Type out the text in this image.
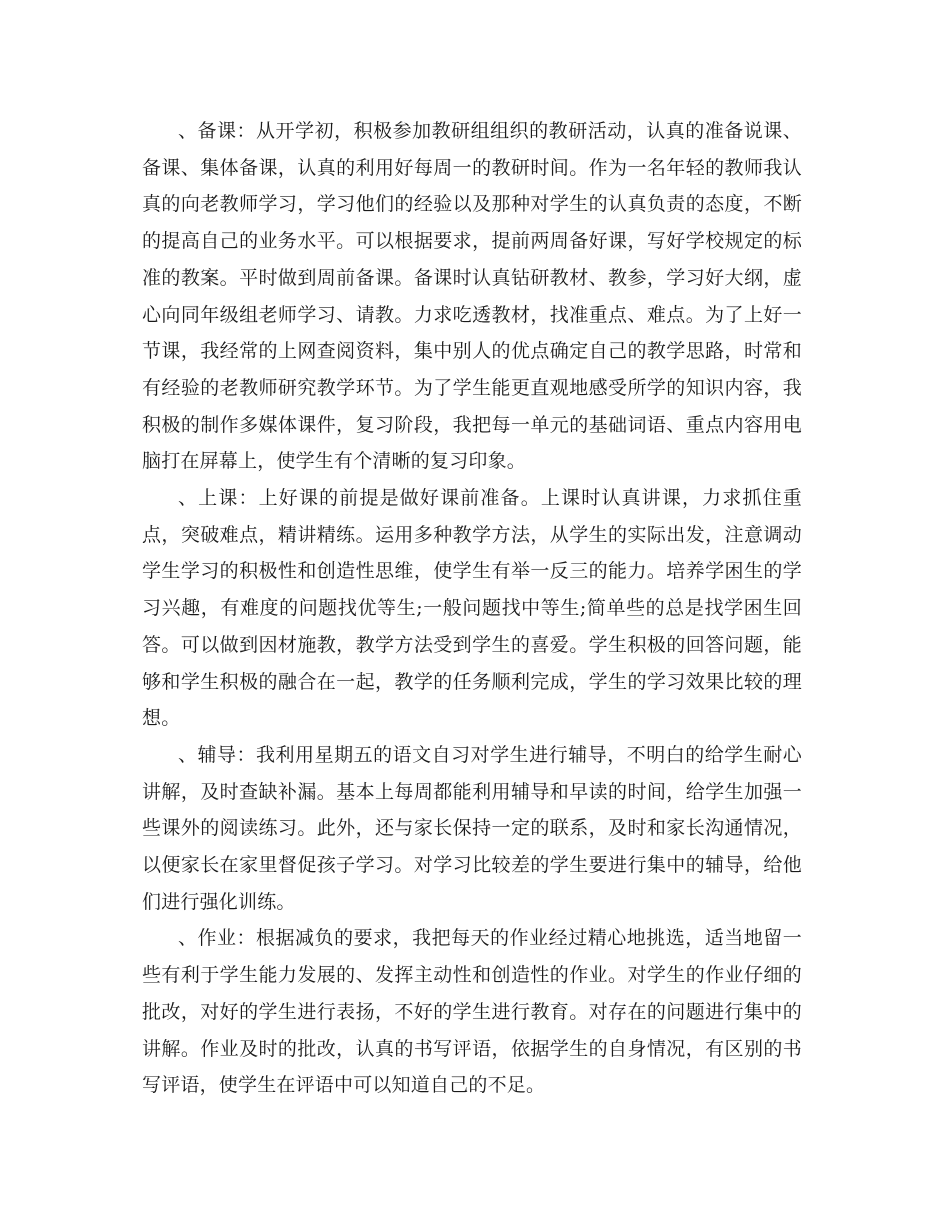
、备课：从开学初，积极参加教研组组织的教研活动，认真的准备说课、备课、集体备课，认真的利用好每周一的教研时间。作为一名年轻的教师我认真的向老教师学习，学习他们的经验以及那种对学生的认真负责的态度，不断的提高自己的业务水平。可以根据要求，提前两周备好课，写好学校规定的标准的教案。平时做到周前备课。备课时认真钻研教材、教参，学习好大纲，虚心向同年级组老师学习、请教。力求吃透教材，找准重点、难点。为了上好一节课，我经常的上网查阅资料，集中别人的优点确定自己的教学思路，时常和有经验的老教师研究教学环节。为了学生能更直观地感受所学的知识内容，我积极的制作多媒体课件，复习阶段，我把每一单元的基础词语、重点内容用电脑打在屏幕上，使学生有个清晰的复习印象。

、上课：上好课的前提是做好课前准备。上课时认真讲课，力求抓住重点，突破难点，精讲精练。运用多种教学方法，从学生的实际出发，注意调动学生学习的积极性和创造性思维，使学生有举一反三的能力。培养学困生的学习兴趣，有难度的问题找优等生;一般问题找中等生;简单些的总是找学困生回答。可以做到因材施教，教学方法受到学生的喜爱。学生积极的回答问题，能够和学生积极的融合在一起，教学的任务顺利完成，学生的学习效果比较的理想。

、辅导：我利用星期五的语文自习对学生进行辅导，不明白的给学生耐心讲解，及时查缺补漏。基本上每周都能利用辅导和早读的时间，给学生加强一些课外的阅读练习。此外，还与家长保持一定的联系，及时和家长沟通情况，以便家长在家里督促孩子学习。对学习比较差的学生要进行集中的辅导，给他们进行强化训练。

、作业：根据减负的要求，我把每天的作业经过精心地挑选，适当地留一些有利于学生能力发展的、发挥主动性和创造性的作业。对学生的作业仔细的批改，对好的学生进行表扬，不好的学生进行教育。对存在的问题进行集中的讲解。作业及时的批改，认真的书写评语，依据学生的自身情况，有区别的书写评语，使学生在评语中可以知道自己的不足。
